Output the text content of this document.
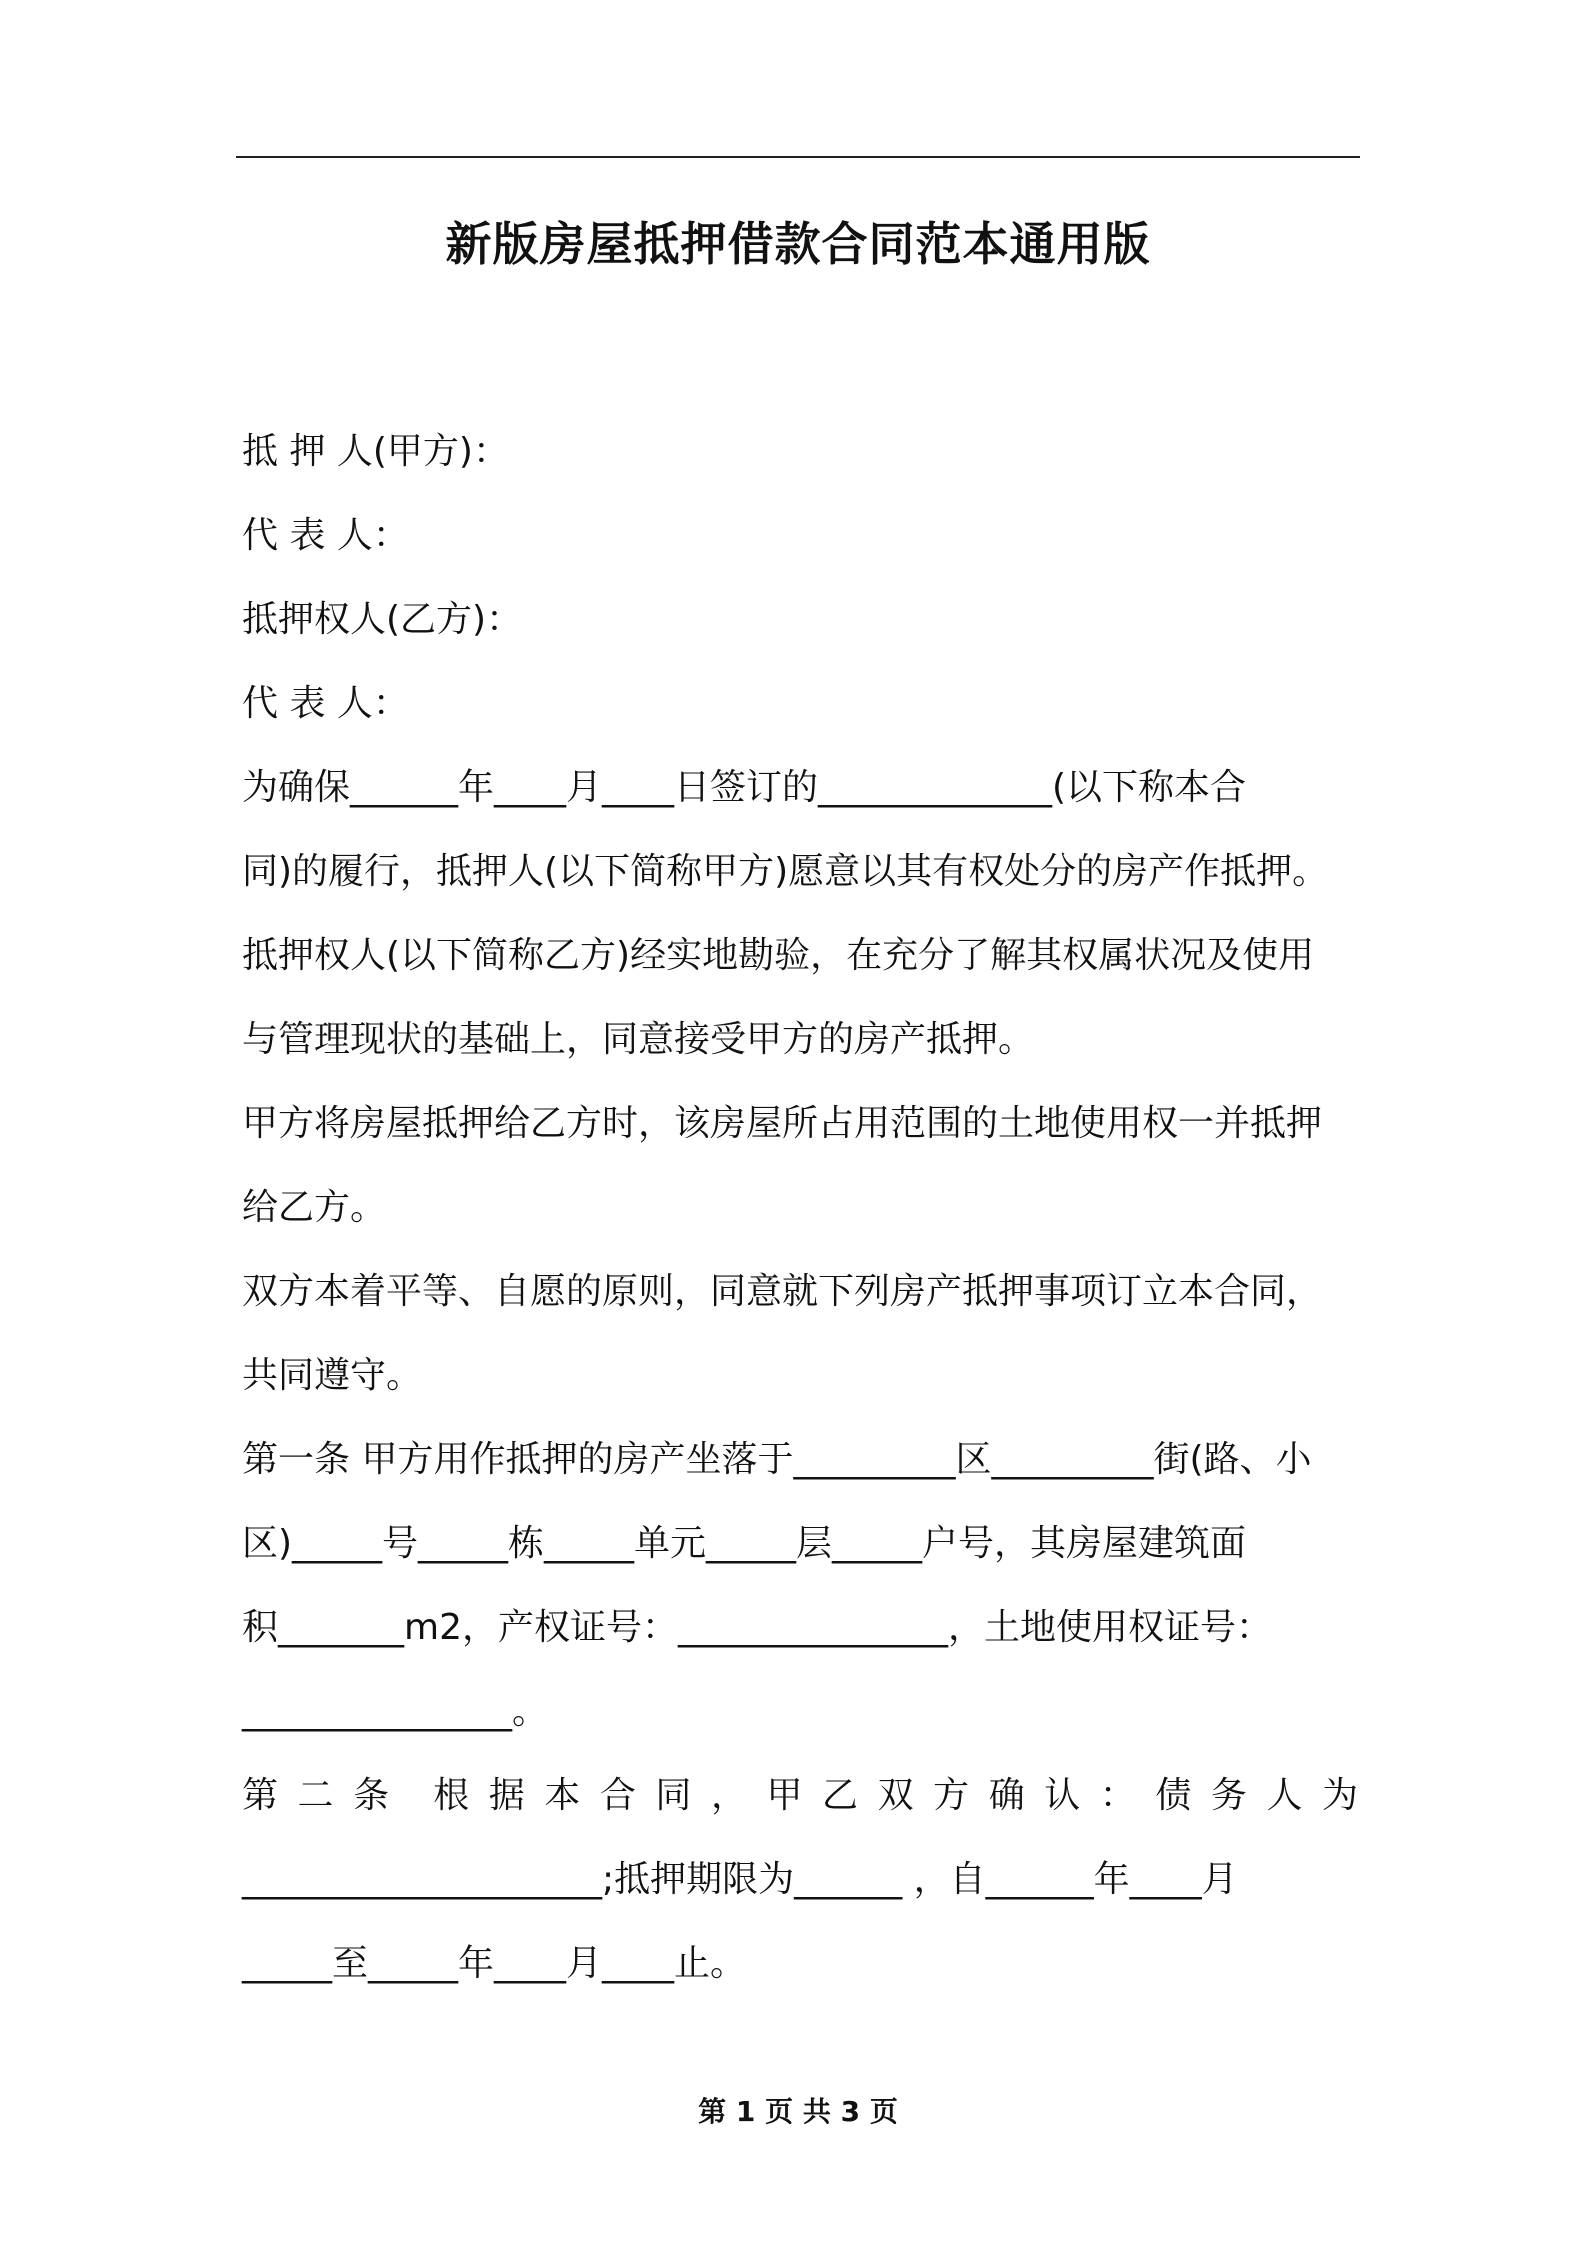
新版房屋抵押借款合同范本通用版
抵 押 人(甲方)：
代 表 人：
抵押权人(乙方)：
代 表 人：
为确保______年____月____日签订的_____________(以下称本合
同)的履行，抵押人(以下简称甲方)愿意以其有权处分的房产作抵押。
抵押权人(以下简称乙方)经实地勘验，在充分了解其权属状况及使用
与管理现状的基础上，同意接受甲方的房产抵押。
甲方将房屋抵押给乙方时，该房屋所占用范围的土地使用权一并抵押
给乙方。
双方本着平等、自愿的原则，同意就下列房产抵押事项订立本合同，
共同遵守。
第一条 甲方用作抵押的房产坐落于_________区_________街(路、小
区)_____号_____栋_____单元_____层_____户号，其房屋建筑面
积_______m2，产权证号：_______________，土地使用权证号：
_______________。
第 二 条　根 据 本 合 同 ， 甲 乙 双 方 确 认 ： 债 务 人 为
____________________;抵押期限为______ ，自______年____月
_____至_____年____月____止。
第 1 页 共 3 页
